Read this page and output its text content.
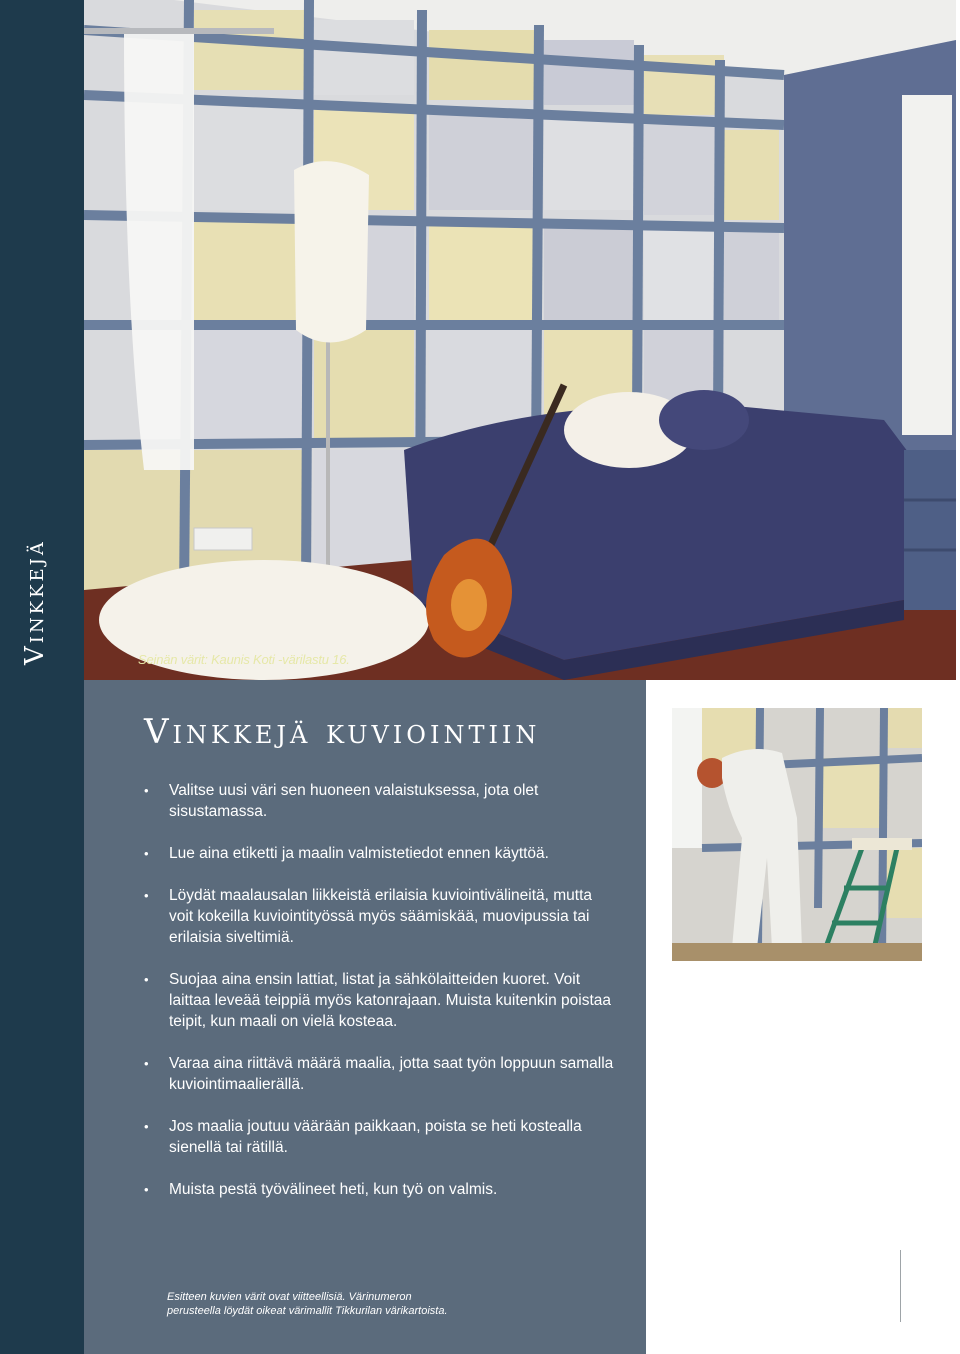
Vinkkejä	Seinän värit: Kaunis Koti -värilastu 16.
Vinkkejä kuviointiin
• Valitse uusi väri sen huoneen valaistuksessa, jota olet sisustamassa.
• Lue aina etiketti ja maalin valmistetiedot ennen käyttöä.
• Löydät maalausalan liikkeistä erilaisia kuviointivälineitä, mutta voit kokeilla kuviointityössä myös säämiskää, muovipussia tai erilaisia siveltimiä.
• Suojaa aina ensin lattiat, listat ja sähkölaitteiden kuoret. Voit laittaa leveää teippiä myös katonrajaan. Muista kuitenkin poistaa teipit, kun maali on vielä kosteaa.
• Varaa aina riittävä määrä maalia, jotta saat työn loppuun samalla kuviointimaalierällä.
• Jos maalia joutuu väärään paikkaan, poista se heti kostealla sienellä tai rätillä.
• Muista pestä työvälineet heti, kun työ on valmis.
Esitteen kuvien värit ovat viitteellisiä. Värinumeron perusteella löydät oikeat värimallit Tikkurilan värikartoista.
